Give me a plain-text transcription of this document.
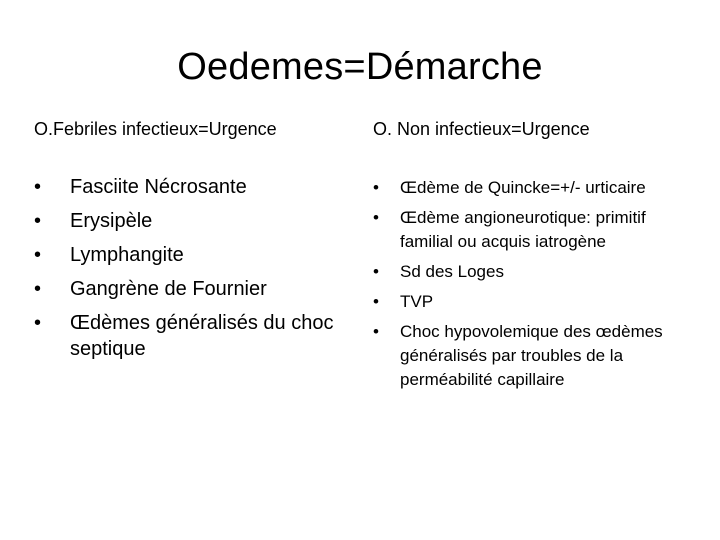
Oedemes=Démarche

O.Febriles infectieux=Urgence

•	Fasciite Nécrosante
•	Erysipèle
•	Lymphangite
•	Gangrène de Fournier
•	Œdèmes généralisés du choc septique

O. Non infectieux=Urgence

•	Œdème de Quincke=+/- urticaire
•	Œdème angioneurotique: primitif familial ou acquis iatrogène
•	Sd des Loges
•	TVP
•	Choc hypovolemique des œdèmes généralisés par troubles de la perméabilité capillaire
